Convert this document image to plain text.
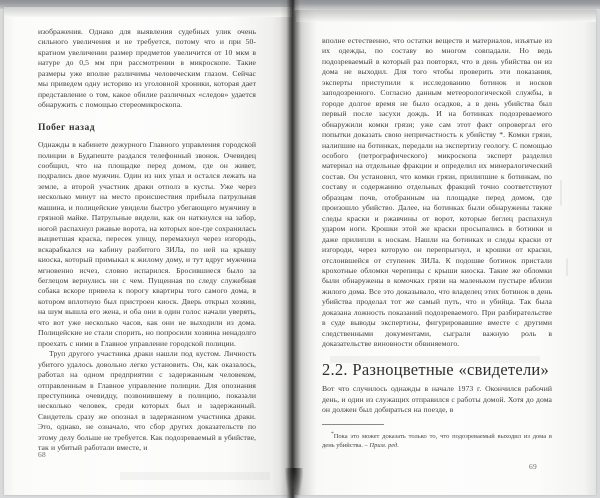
изображения. Однако для выявления судебных улик очень сильного увеличения и не требуется, потому что и при 50-кратном увеличении размер предметов увеличится от 10 мкм в натуре до 0,5 мм при рассмотрении в микроскопе. Такие размеры уже вполне различимы человеческим глазом. Сейчас мы приведем одну историю из уголовной хроники, которая дает представление о том, какое обилие различных «следов» удается обнаружить с помощью стереомикроскопа.

Побег назад

Однажды в кабинете дежурного Главного управления городской полиции в Будапеште раздался телефонный звонок. Очевидец сообщил, что на площадке перед домом, где он живет, подрались двое мужчин. Один из них упал и остался лежать на земле, а второй участник драки отполз в кусты. Уже через несколько минут на место происшествия прибыла патрульная машина, и полицейские увидели быстро убегающего мужчину в грязной майке. Патрульные видели, как он наткнулся на забор, ногой распахнул ржавые ворота, на которых кое-где сохранилась выцветшая краска, пересек улицу, перемахнул через изгородь, вскарабкался на кабину разбитого ЗИЛа, по ней на крышу киоска, который примыкал к жилому дому, и тут вдруг мужчина мгновенно исчез, словно испарился. Бросившиеся было за беглецом вернулись ни с чем. Пущенная по следу служебная собака вскоре привела к порогу квартиры того самого дома, в котором вплотную был пристроен киоск. Дверь открыл хозяин, на шум вышла его жена, и оба они в один голос начали уверять, что вот уже несколько часов, как они не выходили из дома. Полицейские не стали спорить, но попросили хозяина ненадолго проехать с ними в Главное управление городской полиции.

Труп другого участника драки нашли под кустом. Личность убитого удалось довольно легко установить. Он, как оказалось, работал на одном предприятии с задержанным человеком, отправленным в Главное управление полиции. Для опознания преступника очевидцу, позвонившему в полицию, показали несколько человек, среди которых был и задержанный. Свидетель сразу же опознал в задержанном участника драки. Это, однако, не означало, что сбор других доказательств по этому делу больше не требуется. Как подозреваемый в убийстве, так и убитый работали вместе, и

68

вполне естественно, что остатки веществ и материалов, изъятые из их одежды, по составу во многом совпадали. Но ведь подозреваемый в который раз повторял, что в день убийства он из дома не выходил. Для того чтобы проверить эти показания, эксперты приступили к исследованию ботинок и носков заподозренного. Согласно данным метеорологической службы, в городе долгое время не было осадков, а в день убийства был первый после засухи дождь. И на ботинках подозреваемого обнаружили комки грязи; уже сам этот факт опровергал его попытки доказать свою непричастность к убийству *. Комки грязи, налипшие на ботинках, передали на экспертизу геологу. С помощью особого (петрографического) микроскопа эксперт разделил материал на отдельные фракции и определил их минералогический состав. Он установил, что комки грязи, прилипшие к ботинкам, по составу и содержанию отдельных фракций точно соответствуют образцам почв, отобранным на площадке перед домом, где произошло убийство. Далее, на ботинках были обнаружены также следы краски и ржавчины от ворот, которые беглец распахнул ударом ноги. Крошки этой же краски просыпались в ботинки и даже прилипли к носкам. Нашли на ботинках и следы краски от изгороди, через которую он перепрыгнул, и крошки от краски, отслоившейся от ступенек ЗИЛа. К подошве ботинок пристали крохотные обломки черепицы с крыши киоска. Такие же обломки были обнаружены в комочках грязи на маленьком пустыре вблизи жилого дома. Все это доказывало, что владелец этих ботинок в день убийства проделал тот же самый путь, что и убийца. Так была доказана ложность показаний подозреваемого. При разбирательстве в суде выводы экспертизы, фигурировавшие вместе с другими следственными документами, сыграли важную роль в доказательстве виновности обвиняемого.

2.2. Разноцветные «свидетели»

Вот что случилось однажды в начале 1973 г. Окончился рабочий день, и один из служащих отправился с работы домой. Хотя до дома он должен был добираться на поезде, в

*Пока это может доказать только то, что подозреваемый выходил из дома в день убийства. – Прим. ред.

69
